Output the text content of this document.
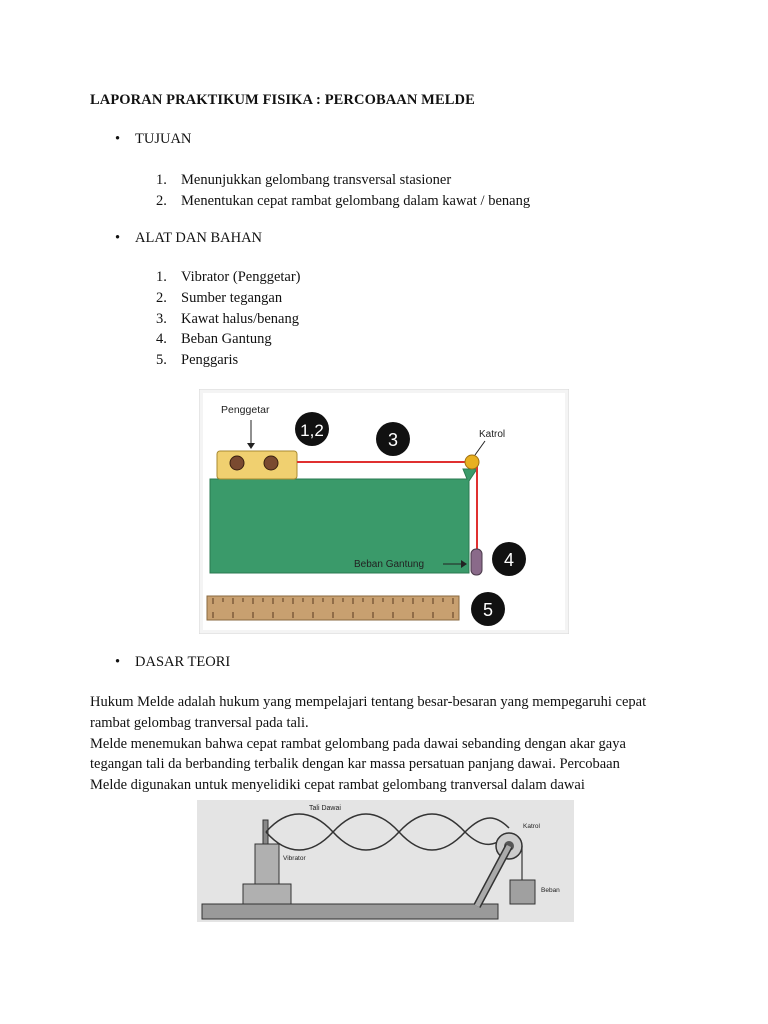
LAPORAN PRAKTIKUM FISIKA : PERCOBAAN MELDE
• TUJUAN
1. Menunjukkan gelombang transversal stasioner
2. Menentukan cepat rambat gelombang dalam kawat / benang
• ALAT DAN BAHAN
1. Vibrator (Penggetar)
2. Sumber tegangan
3. Kawat halus/benang
4. Beban Gantung
5. Penggaris
Penggetar
Katrol
Beban Gantung
1,2	3
4
5
• DASAR TEORI
Hukum Melde adalah hukum yang mempelajari tentang besar-besaran yang mempegaruhi cepat
rambat gelombag tranversal pada tali.
Melde menemukan bahwa cepat rambat gelombang pada dawai sebanding dengan akar gaya
tegangan tali da berbanding terbalik dengan kar massa persatuan panjang dawai. Percobaan
Melde digunakan untuk menyelidiki cepat rambat gelombang tranversal dalam dawai
Tali Dawai
Vibrator
Katrol
Beban
